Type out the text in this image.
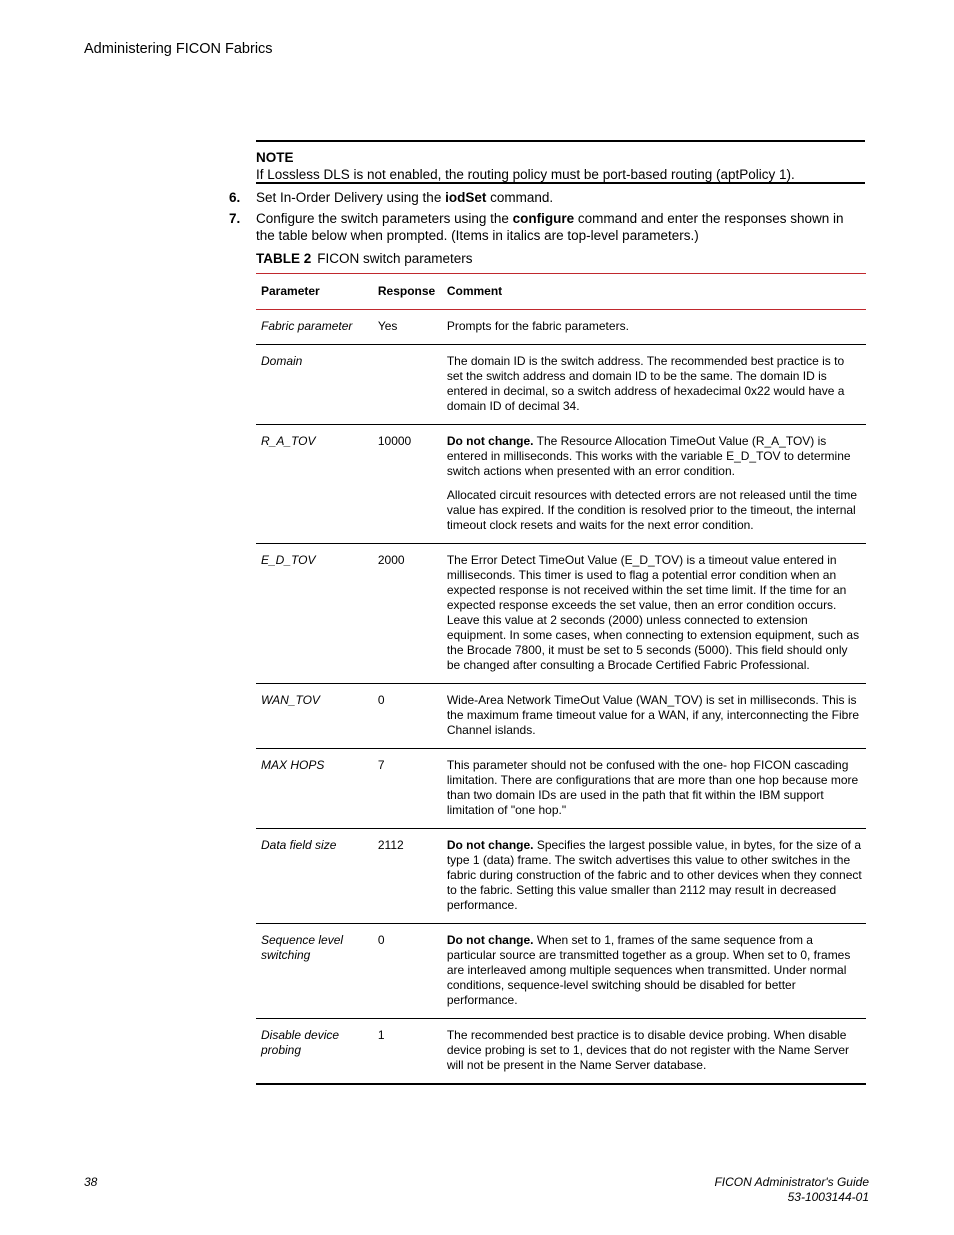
Administering FICON Fabrics
NOTE
If Lossless DLS is not enabled, the routing policy must be port-based routing (aptPolicy 1).
6. Set In-Order Delivery using the iodSet command.
7. Configure the switch parameters using the configure command and enter the responses shown in the table below when prompted. (Items in italics are top-level parameters.)
TABLE 2 FICON switch parameters
Parameter	Response	Comment
Fabric parameter	Yes	Prompts for the fabric parameters.

Domain		The domain ID is the switch address. The recommended best practice is to set the switch address and domain ID to be the same. The domain ID is entered in decimal, so a switch address of hexadecimal 0x22 would have a domain ID of decimal 34.

R_A_TOV	10000	Do not change. The Resource Allocation TimeOut Value (R_A_TOV) is entered in milliseconds. This works with the variable E_D_TOV to determine switch actions when presented with an error condition.
Allocated circuit resources with detected errors are not released until the time value has expired. If the condition is resolved prior to the timeout, the internal timeout clock resets and waits for the next error condition.

E_D_TOV	2000	The Error Detect TimeOut Value (E_D_TOV) is a timeout value entered in milliseconds. This timer is used to flag a potential error condition when an expected response is not received within the set time limit. If the time for an expected response exceeds the set value, then an error condition occurs. Leave this value at 2 seconds (2000) unless connected to extension equipment. In some cases, when connecting to extension equipment, such as the Brocade 7800, it must be set to 5 seconds (5000). This field should only be changed after consulting a Brocade Certified Fabric Professional.

WAN_TOV	0	Wide-Area Network TimeOut Value (WAN_TOV) is set in milliseconds. This is the maximum frame timeout value for a WAN, if any, interconnecting the Fibre Channel islands.

MAX HOPS	7	This parameter should not be confused with the one- hop FICON cascading limitation. There are configurations that are more than one hop because more than two domain IDs are used in the path that fit within the IBM support limitation of "one hop."

Data field size	2112	Do not change. Specifies the largest possible value, in bytes, for the size of a type 1 (data) frame. The switch advertises this value to other switches in the fabric during construction of the fabric and to other devices when they connect to the fabric. Setting this value smaller than 2112 may result in decreased performance.

Sequence level switching	0	Do not change. When set to 1, frames of the same sequence from a particular source are transmitted together as a group. When set to 0, frames are interleaved among multiple sequences when transmitted. Under normal conditions, sequence-level switching should be disabled for better performance.

Disable device probing	1	The recommended best practice is to disable device probing. When disable device probing is set to 1, devices that do not register with the Name Server will not be present in the Name Server database.
38	FICON Administrator's Guide
53-1003144-01
